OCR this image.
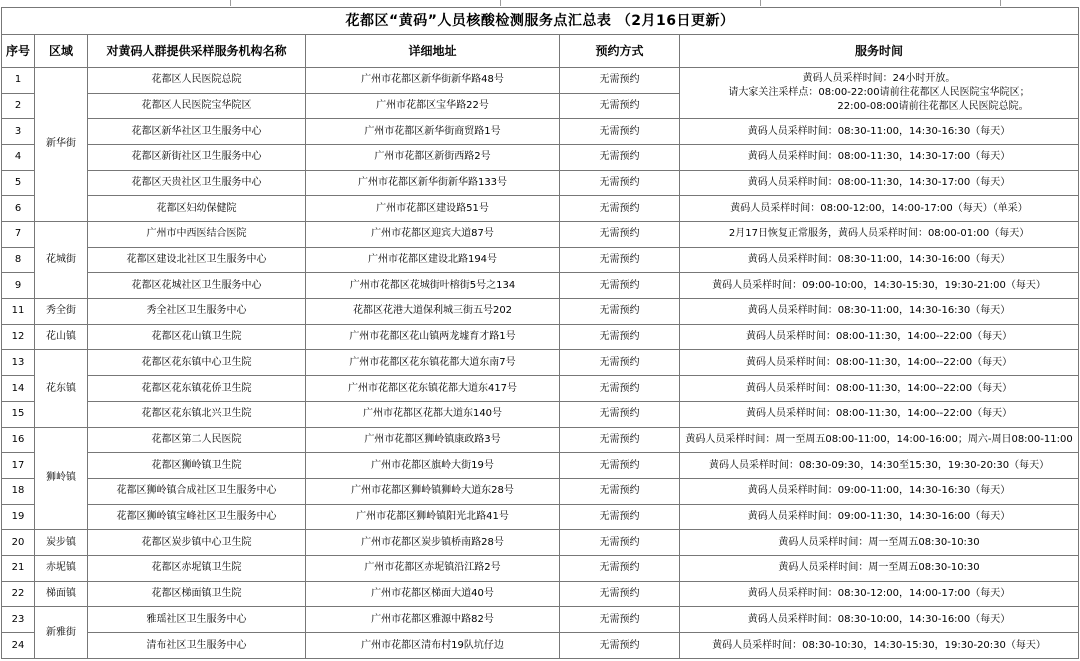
花都区“黄码”人员核酸检测服务点汇总表 （2月16日更新）					
序号	区域	对黄码人群提供采样服务机构名称	详细地址	预约方式	服务时间
1	新华街	花都区人民医院总院	广州市花都区新华街新华路48号	无需预约	黄码人员采样时间：24小时开放。
请大家关注采样点：08:00-22:00请前往花都区人民医院宝华院区；
22:00-08:00请前往花都区人民医院总院。

2		花都区人民医院宝华院区	广州市花都区宝华路22号	无需预约	
3		花都区新华社区卫生服务中心	广州市花都区新华街商贸路1号	无需预约	黄码人员采样时间：08:30-11:00，14:30-16:30（每天）
4		花都区新街社区卫生服务中心	广州市花都区新街西路2号	无需预约	黄码人员采样时间：08:00-11:30，14:30-17:00（每天）
5		花都区天贵社区卫生服务中心	广州市花都区新华街新华路133号	无需预约	黄码人员采样时间：08:00-11:30，14:30-17:00（每天）
6		花都区妇幼保健院	广州市花都区建设路51号	无需预约	黄码人员采样时间：08:00-12:00，14:00-17:00（每天）（单采）
7	花城街	广州市中西医结合医院	广州市花都区迎宾大道87号	无需预约	2月17日恢复正常服务，黄码人员采样时间：08:00-01:00（每天）
8		花都区建设北社区卫生服务中心	广州市花都区建设北路194号	无需预约	黄码人员采样时间：08:30-11:00，14:30-16:00（每天）
9		花都区花城社区卫生服务中心	广州市花都区花城街叶榕街5号之134	无需预约	黄码人员采样时间：09:00-10:00，14:30-15:30，19:30-21:00（每天）
11	秀全街	秀全社区卫生服务中心	花都区花港大道保利城三街五号202	无需预约	黄码人员采样时间：08:30-11:00，14:30-16:30（每天）
12	花山镇	花都区花山镇卫生院	广州市花都区花山镇两龙墟育才路1号	无需预约	黄码人员采样时间：08:00-11:30，14:00--22:00（每天）
13	花东镇	花都区花东镇中心卫生院	广州市花都区花东镇花都大道东南7号	无需预约	黄码人员采样时间：08:00-11:30，14:00--22:00（每天）
14		花都区花东镇花侨卫生院	广州市花都区花东镇花都大道东417号	无需预约	黄码人员采样时间：08:00-11:30，14:00--22:00（每天）
15		花都区花东镇北兴卫生院	广州市花都区花都大道东140号	无需预约	黄码人员采样时间：08:00-11:30，14:00--22:00（每天）
16	狮岭镇	花都区第二人民医院	广州市花都区狮岭镇康政路3号	无需预约	黄码人员采样时间：周一至周五08:00-11:00，14:00-16:00；周六-周日08:00-11:00
17		花都区狮岭镇卫生院	广州市花都区旗岭大街19号	无需预约	黄码人员采样时间：08:30-09:30，14:30至15:30，19:30-20:30（每天）
18		花都区狮岭镇合成社区卫生服务中心	广州市花都区狮岭镇狮岭大道东28号	无需预约	黄码人员采样时间：09:00-11:00，14:30-16:30（每天）
19		花都区狮岭镇宝峰社区卫生服务中心	广州市花都区狮岭镇阳光北路41号	无需预约	黄码人员采样时间：09:00-11:30，14:30-16:00（每天）
20	炭步镇	花都区炭步镇中心卫生院	广州市花都区炭步镇桥南路28号	无需预约	黄码人员采样时间：周一至周五08:30-10:30
21	赤坭镇	花都区赤坭镇卫生院	广州市花都区赤坭镇沿江路2号	无需预约	黄码人员采样时间：周一至周五08:30-10:30
22	梯面镇	花都区梯面镇卫生院	广州市花都区梯面大道40号	无需预约	黄码人员采样时间：08:30-12:00，14:00-17:00（每天）
23	新雅街	雅瑶社区卫生服务中心	广州市花都区雅源中路82号	无需预约	黄码人员采样时间：08:30-10:00，14:30-16:00（每天）
24		清布社区卫生服务中心	广州市花都区清布村19队坑仔边	无需预约	黄码人员采样时间：08:30-10:30，14:30-15:30，19:30-20:30（每天）
